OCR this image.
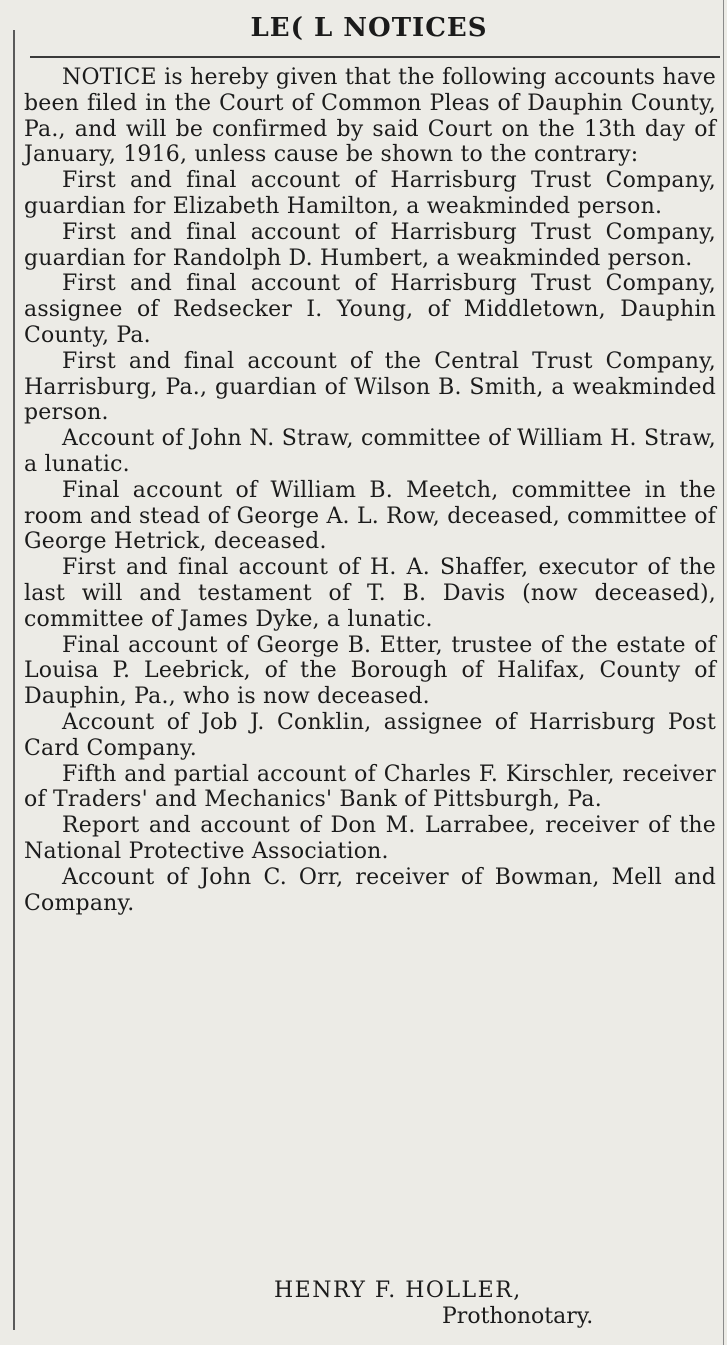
LE( L NOTICES

NOTICE is hereby given that the following accounts have been filed in the Court of Common Pleas of Dauphin County, Pa., and will be confirmed by said Court on the 13th day of January, 1916, unless cause be shown to the contrary:

First and final account of Harrisburg Trust Company, guardian for Elizabeth Hamilton, a weakminded person.

First and final account of Harrisburg Trust Company, guardian for Randolph D. Humbert, a weakminded person.

First and final account of Harrisburg Trust Company, assignee of Redsecker I. Young, of Middletown, Dauphin County, Pa.

First and final account of the Central Trust Company, Harrisburg, Pa., guardian of Wilson B. Smith, a weakminded person.

Account of John N. Straw, committee of William H. Straw, a lunatic.

Final account of William B. Meetch, committee in the room and stead of George A. L. Row, deceased, committee of George Hetrick, deceased.

First and final account of H. A. Shaffer, executor of the last will and testament of T. B. Davis (now deceased), committee of James Dyke, a lunatic.

Final account of George B. Etter, trustee of the estate of Louisa P. Leebrick, of the Borough of Halifax, County of Dauphin, Pa., who is now deceased.

Account of Job J. Conklin, assignee of Harrisburg Post Card Company.

Fifth and partial account of Charles F. Kirschler, receiver of Traders' and Mechanics' Bank of Pittsburgh, Pa.

Report and account of Don M. Larrabee, receiver of the National Protective Association.

Account of John C. Orr, receiver of Bowman, Mell and Company.

HENRY F. HOLLER,
Prothonotary.
